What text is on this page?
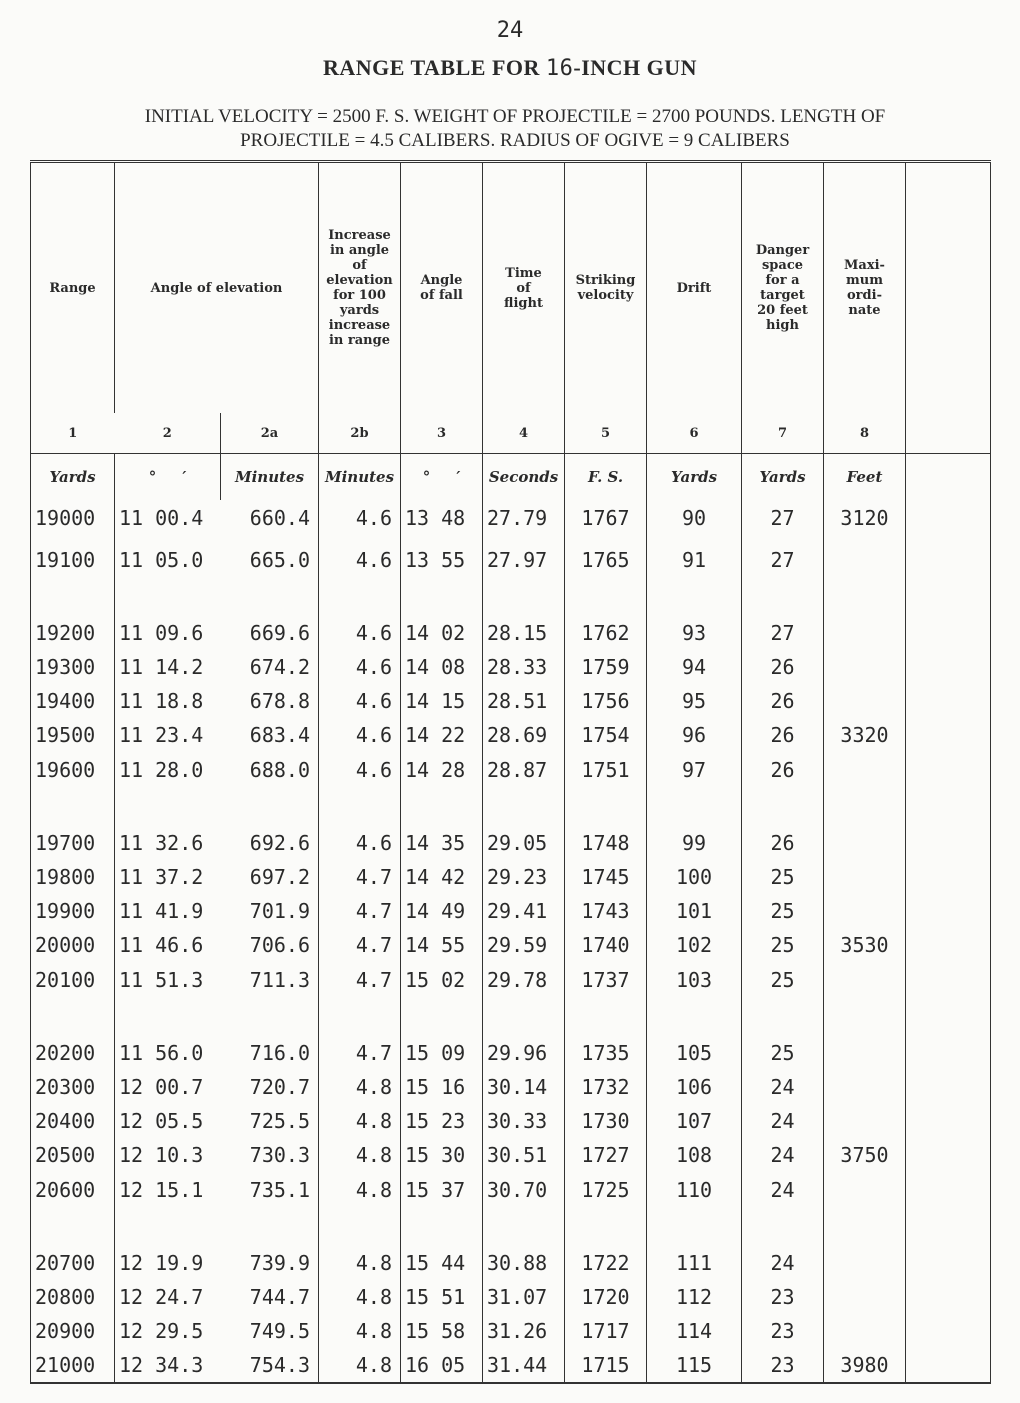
24
RANGE TABLE FOR 16-INCH GUN
INITIAL VELOCITY = 2500 F. S. WEIGHT OF PROJECTILE = 2700 POUNDS. LENGTH OF
PROJECTILE = 4.5 CALIBERS. RADIUS OF OGIVE = 9 CALIBERS
Range	Angle of elevation		Increase in angle of elevation for 100 yards increase in range	Angle of fall	Time of flight	Striking velocity	Drift	Danger space for a target 20 feet high	Maxi-mum ordi-nate	
1	2	2a	2b	3	4	5	6	7	8	
Yards	°     ′	Minutes	Minutes	°     ′	Seconds	F. S.	Yards	Yards	Feet	
19000	11 00.4	660.4	4.6	13 48	27.79	1767	90	27	3120	
19100	11 05.0	665.0	4.6	13 55	27.97	1765	91	27		
19200	11 09.6	669.6	4.6	14 02	28.15	1762	93	27		
19300	11 14.2	674.2	4.6	14 08	28.33	1759	94	26		
19400	11 18.8	678.8	4.6	14 15	28.51	1756	95	26		
19500	11 23.4	683.4	4.6	14 22	28.69	1754	96	26	3320	
19600	11 28.0	688.0	4.6	14 28	28.87	1751	97	26		
19700	11 32.6	692.6	4.6	14 35	29.05	1748	99	26		
19800	11 37.2	697.2	4.7	14 42	29.23	1745	100	25		
19900	11 41.9	701.9	4.7	14 49	29.41	1743	101	25		
20000	11 46.6	706.6	4.7	14 55	29.59	1740	102	25	3530	
20100	11 51.3	711.3	4.7	15 02	29.78	1737	103	25		
20200	11 56.0	716.0	4.7	15 09	29.96	1735	105	25		
20300	12 00.7	720.7	4.8	15 16	30.14	1732	106	24		
20400	12 05.5	725.5	4.8	15 23	30.33	1730	107	24		
20500	12 10.3	730.3	4.8	15 30	30.51	1727	108	24	3750	
20600	12 15.1	735.1	4.8	15 37	30.70	1725	110	24		
20700	12 19.9	739.9	4.8	15 44	30.88	1722	111	24		
20800	12 24.7	744.7	4.8	15 51	31.07	1720	112	23		
20900	12 29.5	749.5	4.8	15 58	31.26	1717	114	23		
21000	12 34.3	754.3	4.8	16 05	31.44	1715	115	23	3980	
